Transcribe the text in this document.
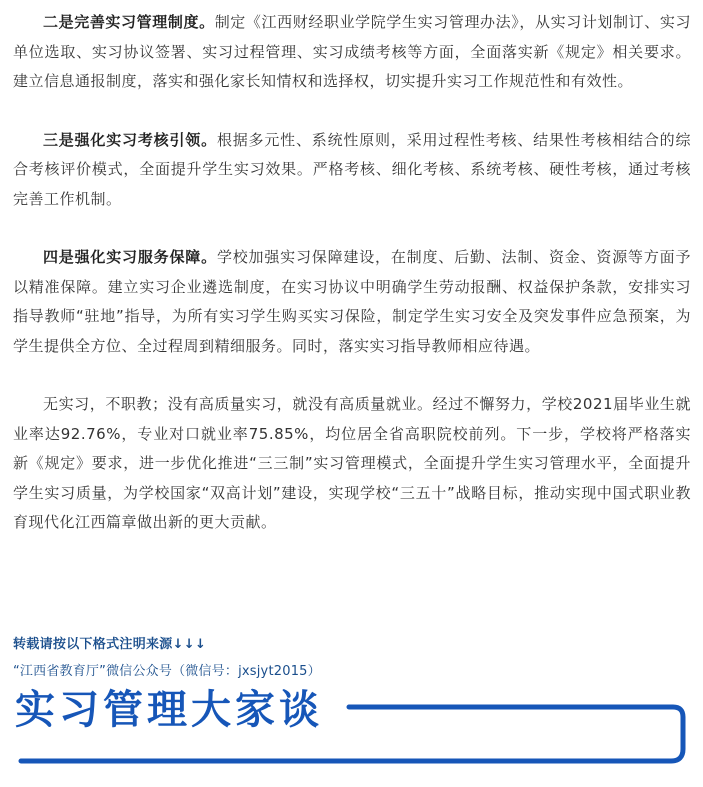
二是完善实习管理制度。制定《江西财经职业学院学生实习管理办法》，从实习计划制订、实习单位选取、实习协议签署、实习过程管理、实习成绩考核等方面，全面落实新《规定》相关要求。建立信息通报制度，落实和强化家长知情权和选择权，切实提升实习工作规范性和有效性。

三是强化实习考核引领。根据多元性、系统性原则，采用过程性考核、结果性考核相结合的综合考核评价模式，全面提升学生实习效果。严格考核、细化考核、系统考核、硬性考核，通过考核完善工作机制。

四是强化实习服务保障。学校加强实习保障建设，在制度、后勤、法制、资金、资源等方面予以精准保障。建立实习企业遴选制度，在实习协议中明确学生劳动报酬、权益保护条款，安排实习指导教师“驻地”指导，为所有实习学生购买实习保险，制定学生实习安全及突发事件应急预案，为学生提供全方位、全过程周到精细服务。同时，落实实习指导教师相应待遇。

无实习，不职教；没有高质量实习，就没有高质量就业。经过不懈努力，学校2021届毕业生就业率达92.76%，专业对口就业率75.85%，均位居全省高职院校前列。下一步，学校将严格落实新《规定》要求，进一步优化推进“三三制”实习管理模式，全面提升学生实习管理水平，全面提升学生实习质量，为学校国家“双高计划”建设，实现学校“三五十”战略目标，推动实现中国式职业教育现代化江西篇章做出新的更大贡献。

转载请按以下格式注明来源↓↓↓
“江西省教育厅”微信公众号（微信号：jxsjyt2015）
实习管理大家谈
